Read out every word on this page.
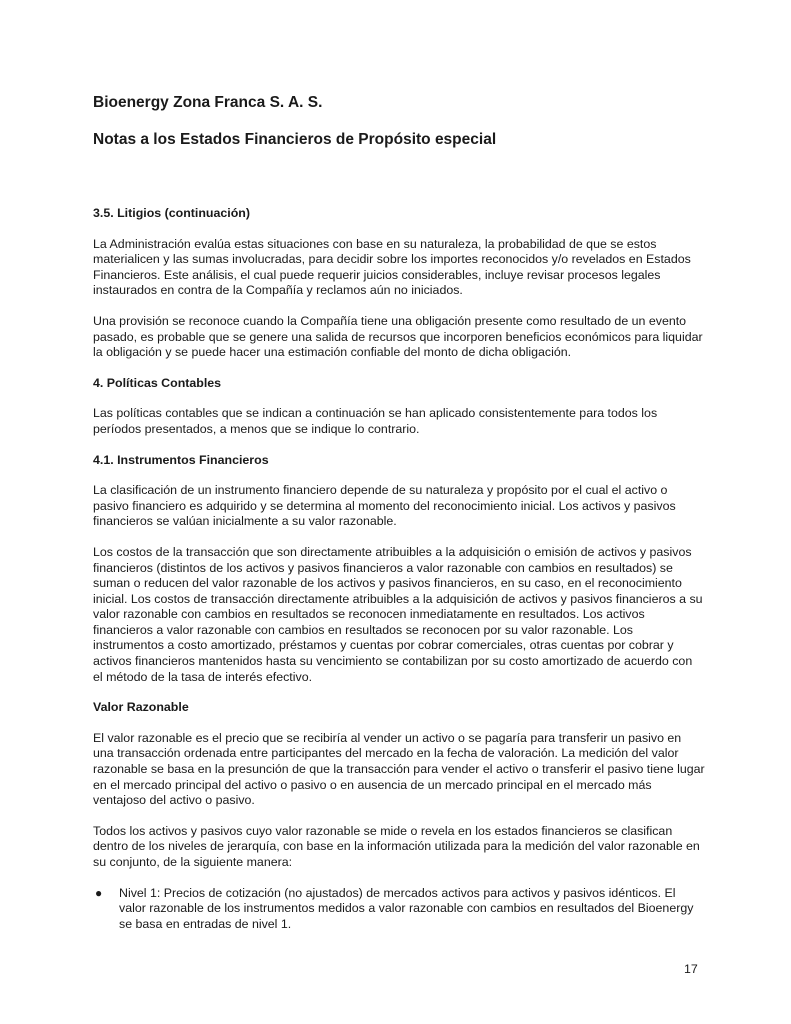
Bioenergy Zona Franca S. A. S.

Notas a los Estados Financieros de Propósito especial

3.5. Litigios (continuación)

La Administración evalúa estas situaciones con base en su naturaleza, la probabilidad de que se estos materialicen y las sumas involucradas, para decidir sobre los importes reconocidos y/o revelados en Estados Financieros. Este análisis, el cual puede requerir juicios considerables, incluye revisar procesos legales instaurados en contra de la Compañía y reclamos aún no iniciados.

Una provisión se reconoce cuando la Compañía tiene una obligación presente como resultado de un evento pasado, es probable que se genere una salida de recursos que incorporen beneficios económicos para liquidar la obligación y se puede hacer una estimación confiable del monto de dicha obligación.

4. Políticas Contables

Las políticas contables que se indican a continuación se han aplicado consistentemente para todos los períodos presentados, a menos que se indique lo contrario.

4.1. Instrumentos Financieros

La clasificación de un instrumento financiero depende de su naturaleza y propósito por el cual el activo o pasivo financiero es adquirido y se determina al momento del reconocimiento inicial. Los activos y pasivos financieros se valúan inicialmente a su valor razonable.

Los costos de la transacción que son directamente atribuibles a la adquisición o emisión de activos y pasivos financieros (distintos de los activos y pasivos financieros a valor razonable con cambios en resultados) se suman o reducen del valor razonable de los activos y pasivos financieros, en su caso, en el reconocimiento inicial. Los costos de transacción directamente atribuibles a la adquisición de activos y pasivos financieros a su valor razonable con cambios en resultados se reconocen inmediatamente en resultados. Los activos financieros a valor razonable con cambios en resultados se reconocen por su valor razonable. Los instrumentos a costo amortizado, préstamos y cuentas por cobrar comerciales, otras cuentas por cobrar y activos financieros mantenidos hasta su vencimiento se contabilizan por su costo amortizado de acuerdo con el método de la tasa de interés efectivo.

Valor Razonable

El valor razonable es el precio que se recibiría al vender un activo o se pagaría para transferir un pasivo en una transacción ordenada entre participantes del mercado en la fecha de valoración. La medición del valor razonable se basa en la presunción de que la transacción para vender el activo o transferir el pasivo tiene lugar en el mercado principal del activo o pasivo o en ausencia de un mercado principal en el mercado más ventajoso del activo o pasivo.

Todos los activos y pasivos cuyo valor razonable se mide o revela en los estados financieros se clasifican dentro de los niveles de jerarquía, con base en la información utilizada para la medición del valor razonable en su conjunto, de la siguiente manera:

●	Nivel 1: Precios de cotización (no ajustados) de mercados activos para activos y pasivos idénticos. El valor razonable de los instrumentos medidos a valor razonable con cambios en resultados del Bioenergy se basa en entradas de nivel 1.
17
